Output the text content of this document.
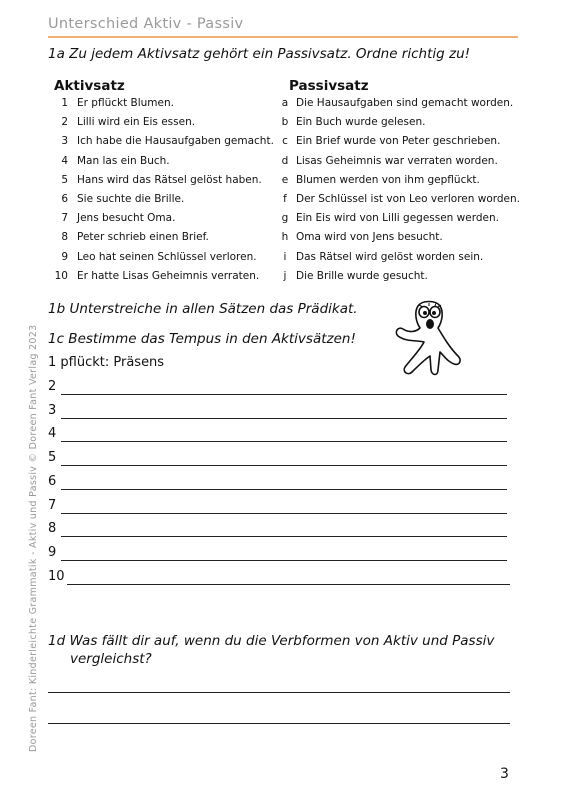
Unterschied Aktiv - Passiv
1a Zu jedem Aktivsatz gehört ein Passivsatz. Ordne richtig zu!
Aktivsatz	Passivsatz
1 Er pflückt Blumen.
2 Lilli wird ein Eis essen.
3 Ich habe die Hausaufgaben gemacht.
4 Man las ein Buch.
5 Hans wird das Rätsel gelöst haben.
6 Sie suchte die Brille.
7 Jens besucht Oma.
8 Peter schrieb einen Brief.
9 Leo hat seinen Schlüssel verloren.
10 Er hatte Lisas Geheimnis verraten.
a Die Hausaufgaben sind gemacht worden.
b Ein Buch wurde gelesen.
c Ein Brief wurde von Peter geschrieben.
d Lisas Geheimnis war verraten worden.
e Blumen werden von ihm gepflückt.
f Der Schlüssel ist von Leo verloren worden.
g Ein Eis wird von Lilli gegessen werden.
h Oma wird von Jens besucht.
i Das Rätsel wird gelöst worden sein.
j Die Brille wurde gesucht.
1b Unterstreiche in allen Sätzen das Prädikat.
1c Bestimme das Tempus in den Aktivsätzen!
1 pflückt: Präsens
2
3
4
5
6
7
8
9
10
1d Was fällt dir auf, wenn du die Verbformen von Aktiv und Passiv
vergleichst?
Doreen Fant: Kinderleichte Grammatik - Aktiv und Passiv © Doreen Fant Verlag 2023
3
